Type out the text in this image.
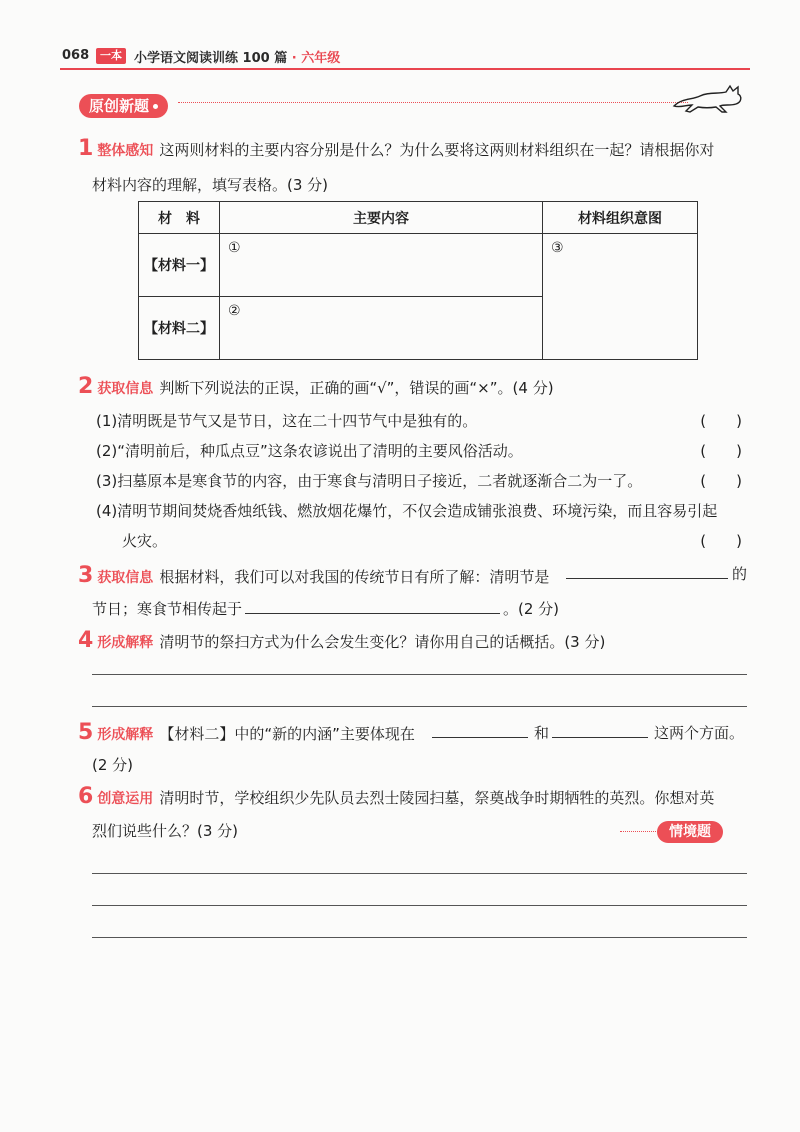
068 一本 小学语文阅读训练 100 篇 · 六年级
原创新题
1 整体感知 这两则材料的主要内容分别是什么？为什么要将这两则材料组织在一起？请根据你对
材料内容的理解，填写表格。(3 分)
材　料	主要内容	材料组织意图
【材料一】	①	③
【材料二】	②	
2 获取信息 判断下列说法的正误，正确的画“√”，错误的画“×”。(4 分)
(1)清明既是节气又是节日，这在二十四节气中是独有的。	(　　)
(2)“清明前后，种瓜点豆”这条农谚说出了清明的主要风俗活动。	(　　)
(3)扫墓原本是寒食节的内容，由于寒食与清明日子接近，二者就逐渐合二为一了。	(　　)
(4)清明节期间焚烧香烛纸钱、燃放烟花爆竹，不仅会造成铺张浪费、环境污染，而且容易引起
火灾。	(　　)
3 获取信息 根据材料，我们可以对我国的传统节日有所了解：清明节是	的
节日；寒食节相传起于	。(2 分)
4 形成解释 清明节的祭扫方式为什么会发生变化？请你用自己的话概括。(3 分)
5 形成解释 【材料二】中的“新的内涵”主要体现在	和	这两个方面。
(2 分)
6 创意运用 清明时节，学校组织少先队员去烈士陵园扫墓，祭奠战争时期牺牲的英烈。你想对英
烈们说些什么？(3 分)	情境题
